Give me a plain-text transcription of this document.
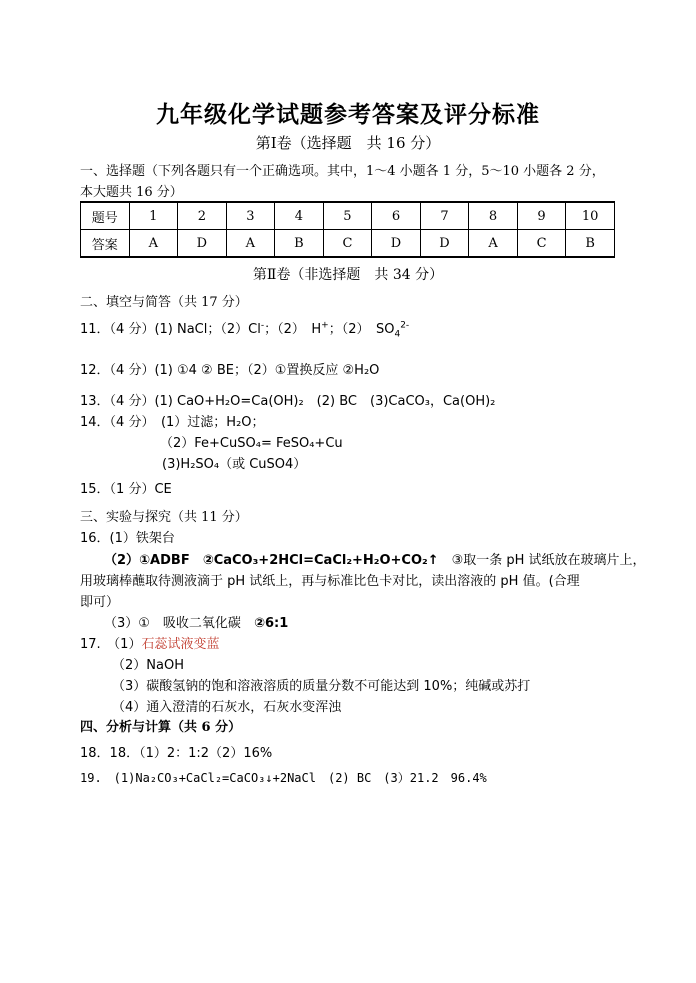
九年级化学试题参考答案及评分标准
第Ⅰ卷（选择题　共 16 分）
一、选择题（下列各题只有一个正确选项。其中，1～4 小题各 1 分，5～10 小题各 2 分，
本大题共 16 分）
题号	1	2	3	4	5	6	7	8	9	10
答案	A	D	A	B	C	D	D	A	C	B
第Ⅱ卷（非选择题　共 34 分）
二、填空与简答（共 17 分）
11．（4 分）(1) NaCl；（2）Cl-；（2）　H+；（2）　$SO_4^{2-}$
12．（4 分）(1) ①4 ② BE；（2）①置换反应 ②H₂O
13．（4 分）(1) CaO+H₂O=Ca(OH)₂　(2) BC　(3)CaCO₃，Ca(OH)₂
14．（4 分）　(1）过滤；H₂O；
（2）Fe+CuSO₄= FeSO₄+Cu
(3)H₂SO₄（或 CuSO4）
15．（1 分）CE
三、实验与探究（共 11 分）
16．(1）铁架台
（2）①ADBF　②CaCO₃+2HCl=CaCl₂+H₂O+CO₂↑　③取一条 pH 试纸放在玻璃片上，
用玻璃棒蘸取待测液滴于 pH 试纸上，再与标准比色卡对比，读出溶液的 pH 值。(合理
即可）
（3）①　吸收二氧化碳　②6:1
17.　（1）石蕊试液变蓝
（2）NaOH
（3）碳酸氢钠的饱和溶液溶质的质量分数不可能达到 10%；纯碱或苏打
（4）通入澄清的石灰水，石灰水变浑浊
四、分析与计算（共 6 分）
18．18．（1）2：1:2（2）16%
19.　(1)Na₂CO₃+CaCl₂=CaCO₃↓+2NaCl　(2) BC　(3）21.2　96.4%
